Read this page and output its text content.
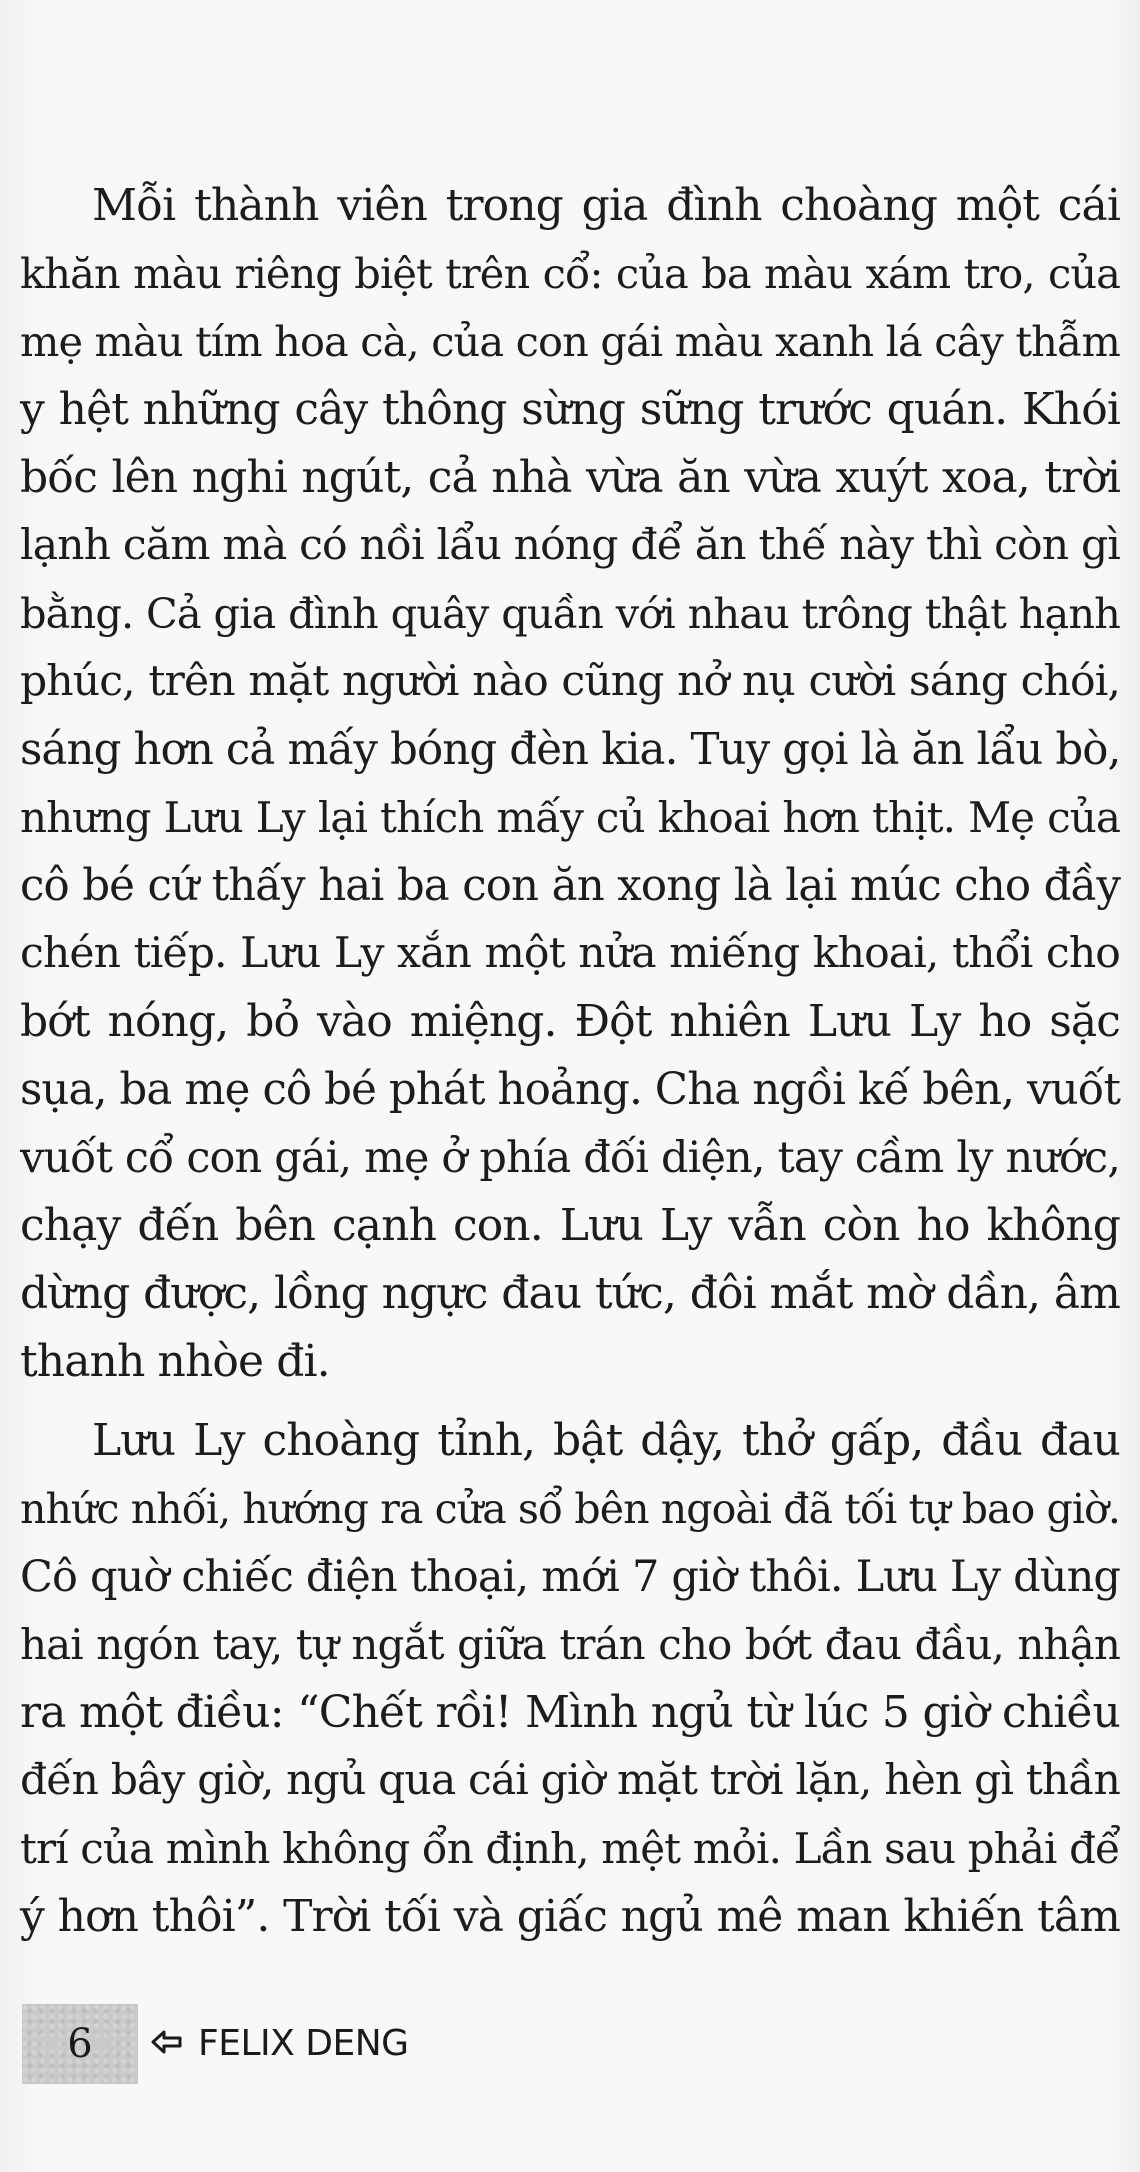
Mỗi thành viên trong gia đình choàng một cái

khăn màu riêng biệt trên cổ: của ba màu xám tro, của

mẹ màu tím hoa cà, của con gái màu xanh lá cây thẫm

y hệt những cây thông sừng sững trước quán. Khói

bốc lên nghi ngút, cả nhà vừa ăn vừa xuýt xoa, trời

lạnh căm mà có nồi lẩu nóng để ăn thế này thì còn gì

bằng. Cả gia đình quây quần với nhau trông thật hạnh

phúc, trên mặt người nào cũng nở nụ cười sáng chói,

sáng hơn cả mấy bóng đèn kia. Tuy gọi là ăn lẩu bò,

nhưng Lưu Ly lại thích mấy củ khoai hơn thịt. Mẹ của

cô bé cứ thấy hai ba con ăn xong là lại múc cho đầy

chén tiếp. Lưu Ly xắn một nửa miếng khoai, thổi cho

bớt nóng, bỏ vào miệng. Đột nhiên Lưu Ly ho sặc

sụa, ba mẹ cô bé phát hoảng. Cha ngồi kế bên, vuốt

vuốt cổ con gái, mẹ ở phía đối diện, tay cầm ly nước,

chạy đến bên cạnh con. Lưu Ly vẫn còn ho không

dừng được, lồng ngực đau tức, đôi mắt mờ dần, âm

thanh nhòe đi.

Lưu Ly choàng tỉnh, bật dậy, thở gấp, đầu đau

nhức nhối, hướng ra cửa sổ bên ngoài đã tối tự bao giờ.

Cô quờ chiếc điện thoại, mới 7 giờ thôi. Lưu Ly dùng

hai ngón tay, tự ngắt giữa trán cho bớt đau đầu, nhận

ra một điều: “Chết rồi! Mình ngủ từ lúc 5 giờ chiều

đến bây giờ, ngủ qua cái giờ mặt trời lặn, hèn gì thần

trí của mình không ổn định, mệt mỏi. Lần sau phải để

ý hơn thôi”. Trời tối và giấc ngủ mê man khiến tâm

6	FELIX DENG
